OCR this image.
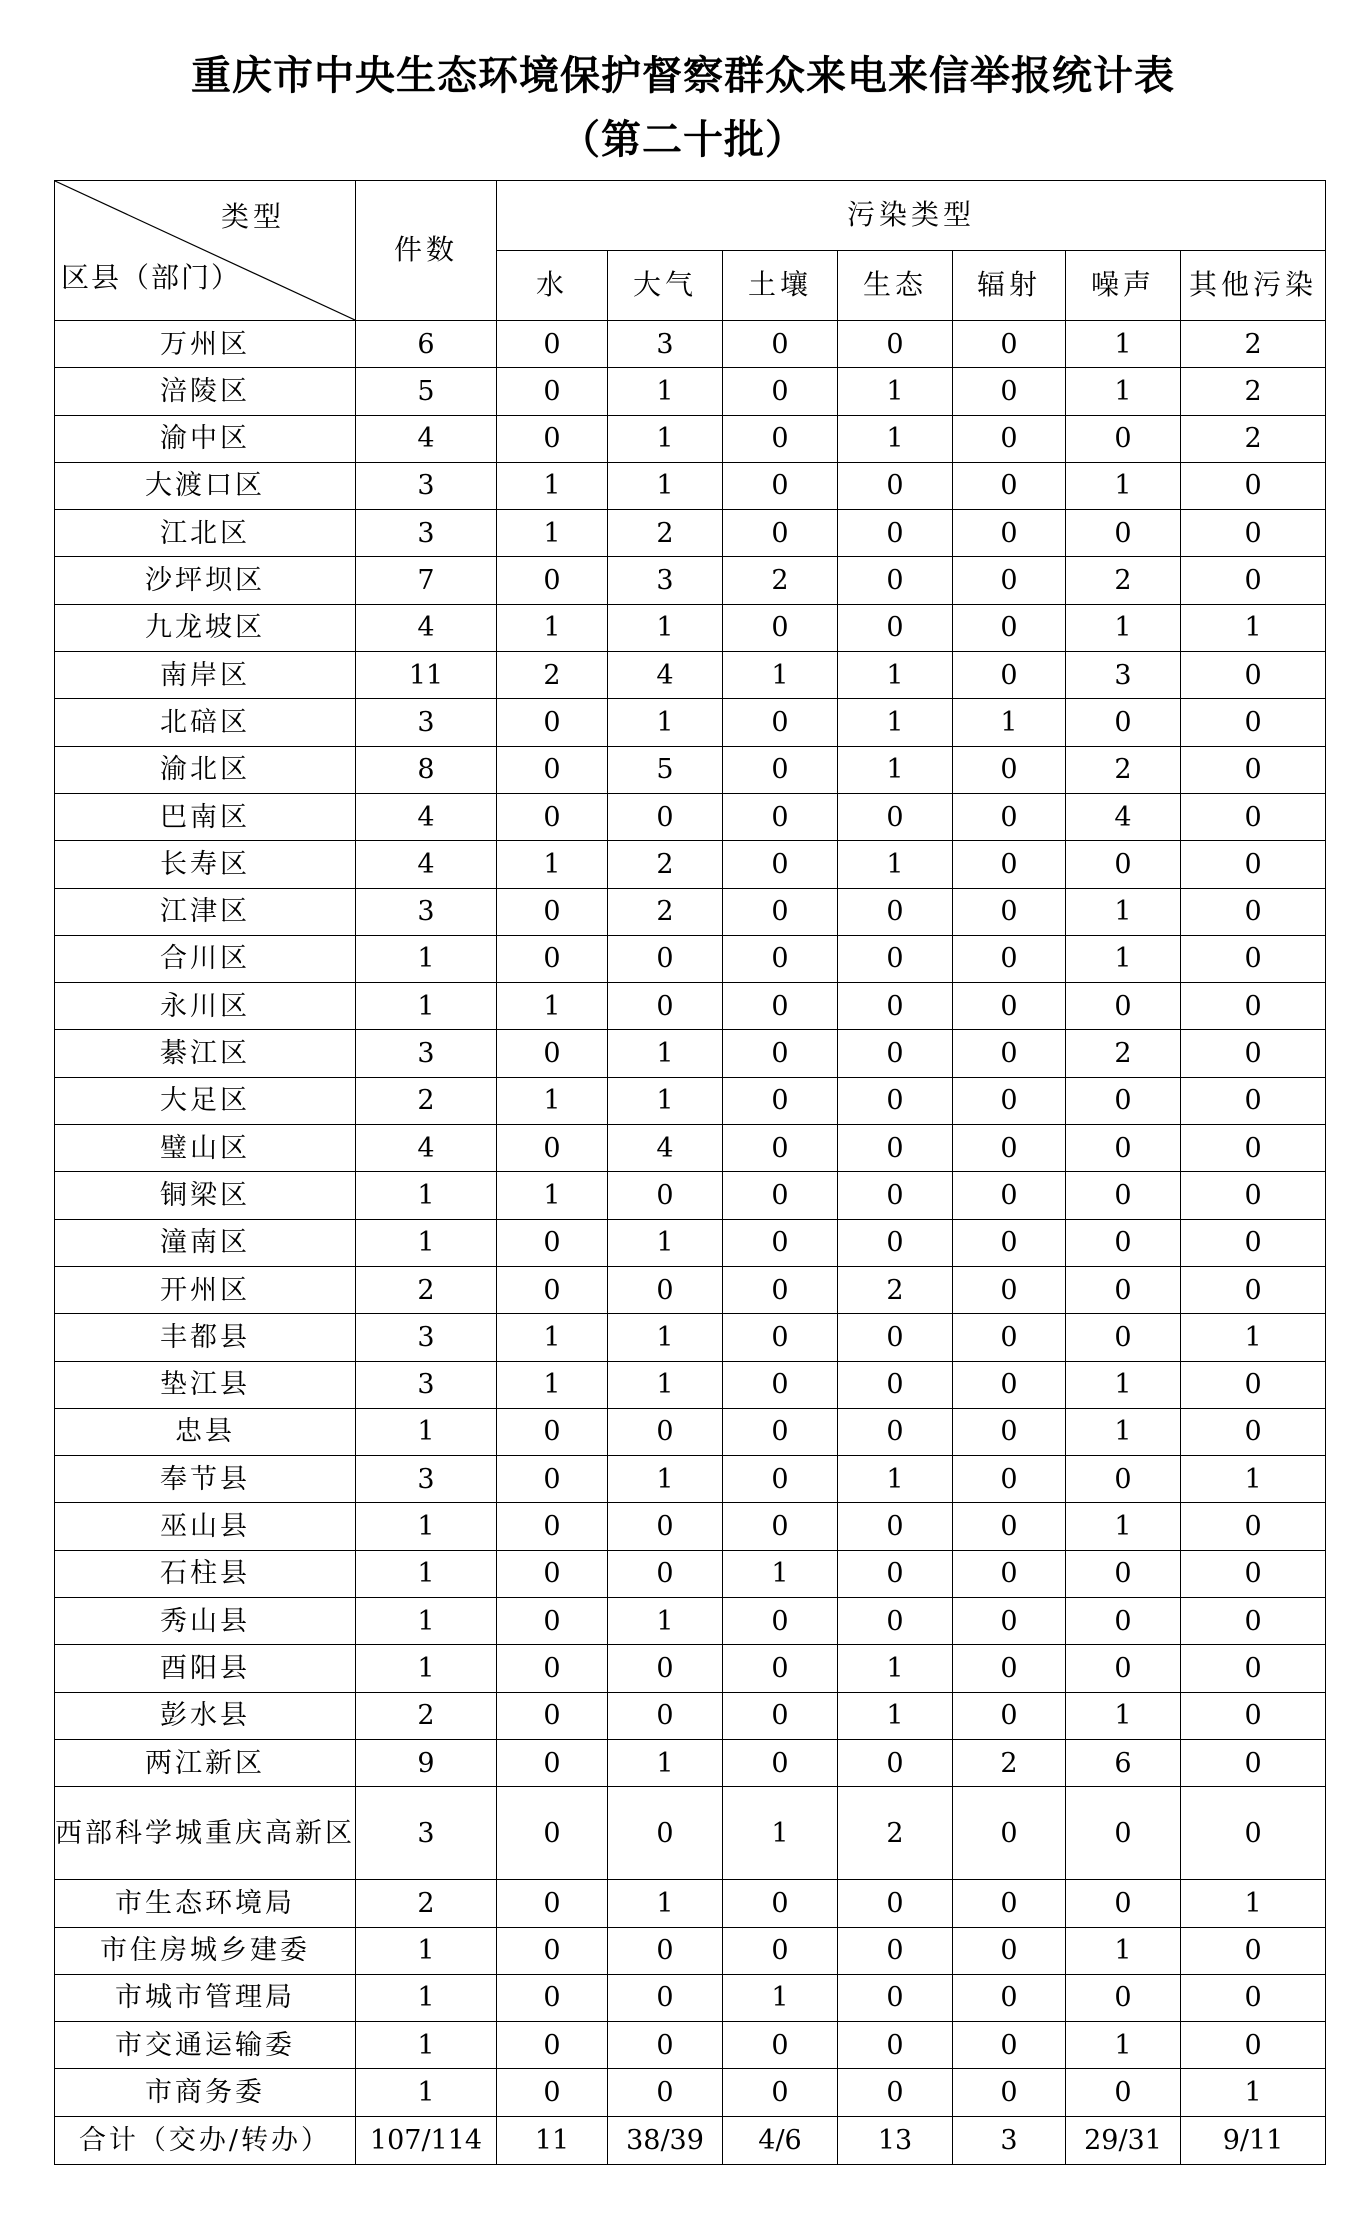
重庆市中央生态环境保护督察群众来电来信举报统计表
（第二十批）
类型
区县（部门）	件数	污染类型						
		水	大气	土壤	生态	辐射	噪声	其他污染
万州区	6	0	3	0	0	0	1	2
涪陵区	5	0	1	0	1	0	1	2
渝中区	4	0	1	0	1	0	0	2
大渡口区	3	1	1	0	0	0	1	0
江北区	3	1	2	0	0	0	0	0
沙坪坝区	7	0	3	2	0	0	2	0
九龙坡区	4	1	1	0	0	0	1	1
南岸区	11	2	4	1	1	0	3	0
北碚区	3	0	1	0	1	1	0	0
渝北区	8	0	5	0	1	0	2	0
巴南区	4	0	0	0	0	0	4	0
长寿区	4	1	2	0	1	0	0	0
江津区	3	0	2	0	0	0	1	0
合川区	1	0	0	0	0	0	1	0
永川区	1	1	0	0	0	0	0	0
綦江区	3	0	1	0	0	0	2	0
大足区	2	1	1	0	0	0	0	0
璧山区	4	0	4	0	0	0	0	0
铜梁区	1	1	0	0	0	0	0	0
潼南区	1	0	1	0	0	0	0	0
开州区	2	0	0	0	2	0	0	0
丰都县	3	1	1	0	0	0	0	1
垫江县	3	1	1	0	0	0	1	0
忠县	1	0	0	0	0	0	1	0
奉节县	3	0	1	0	1	0	0	1
巫山县	1	0	0	0	0	0	1	0
石柱县	1	0	0	1	0	0	0	0
秀山县	1	0	1	0	0	0	0	0
酉阳县	1	0	0	0	1	0	0	0
彭水县	2	0	0	0	1	0	1	0
两江新区	9	0	1	0	0	2	6	0
西部科学城重庆高新区	3	0	0	1	2	0	0	0
市生态环境局	2	0	1	0	0	0	0	1
市住房城乡建委	1	0	0	0	0	0	1	0
市城市管理局	1	0	0	1	0	0	0	0
市交通运输委	1	0	0	0	0	0	1	0
市商务委	1	0	0	0	0	0	0	1
合计（交办/转办）	107/114	11	38/39	4/6	13	3	29/31	9/11
